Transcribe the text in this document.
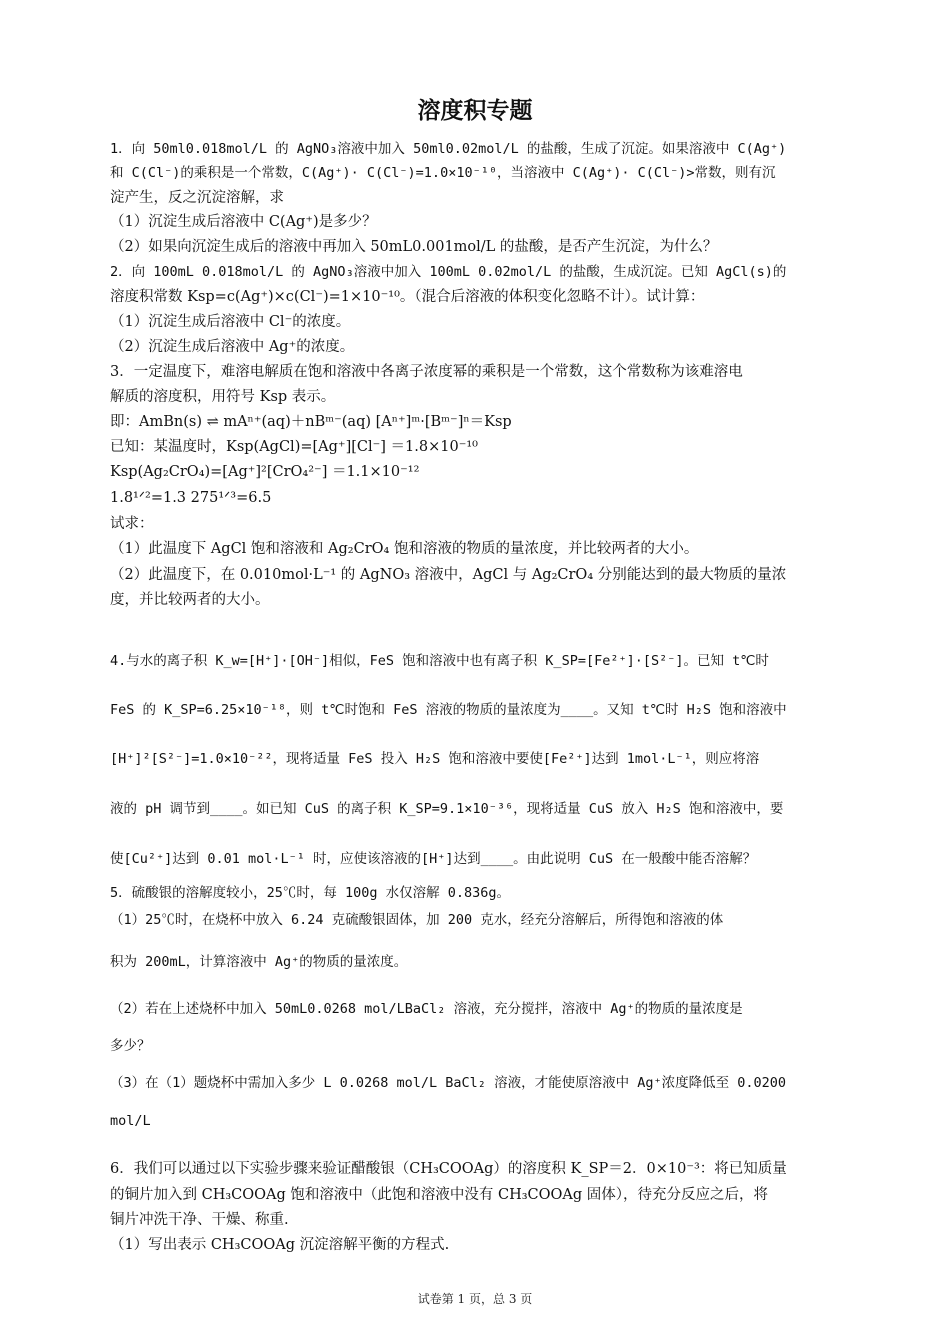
溶度积专题
1．向 50ml0.018mol/L 的 AgNO₃溶液中加入 50ml0.02mol/L 的盐酸，生成了沉淀。如果溶液中 C(Ag⁺)
和 C(Cl⁻)的乘积是一个常数，C(Ag⁺)· C(Cl⁻)=1.0×10⁻¹⁰，当溶液中 C(Ag⁺)· C(Cl⁻)>常数，则有沉
淀产生，反之沉淀溶解，求
（1）沉淀生成后溶液中 C(Ag⁺)是多少？
（2）如果向沉淀生成后的溶液中再加入 50mL0.001mol/L 的盐酸，是否产生沉淀，为什么？
2．向 100mL 0.018mol/L 的 AgNO₃溶液中加入 100mL 0.02mol/L 的盐酸，生成沉淀。已知 AgCl(s)的
溶度积常数 Ksp=c(Ag⁺)×c(Cl⁻)=1×10⁻¹⁰。（混合后溶液的体积变化忽略不计）。试计算：
（1）沉淀生成后溶液中 Cl⁻的浓度。
（2）沉淀生成后溶液中 Ag⁺的浓度。
3．一定温度下，难溶电解质在饱和溶液中各离子浓度幂的乘积是一个常数，这个常数称为该难溶电
解质的溶度积，用符号 Ksp 表示。
即：AmBn(s) ⇌ mAⁿ⁺(aq)＋nBᵐ⁻(aq) [Aⁿ⁺]ᵐ·[Bᵐ⁻]ⁿ＝Ksp
已知：某温度时，Ksp(AgCl)=[Ag⁺][Cl⁻] ＝1.8×10⁻¹⁰
Ksp(Ag₂CrO₄)=[Ag⁺]²[CrO₄²⁻] ＝1.1×10⁻¹²
1.8¹ᐟ²=1.3 275¹ᐟ³=6.5
试求：
（1）此温度下 AgCl 饱和溶液和 Ag₂CrO₄ 饱和溶液的物质的量浓度，并比较两者的大小。
（2）此温度下，在 0.010mol·L⁻¹ 的 AgNO₃ 溶液中，AgCl 与 Ag₂CrO₄ 分别能达到的最大物质的量浓
度，并比较两者的大小。
4.与水的离子积 K_w=[H⁺]·[OH⁻]相似，FeS 饱和溶液中也有离子积 K_SP=[Fe²⁺]·[S²⁻]。已知 t℃时
FeS 的 K_SP=6.25×10⁻¹⁸，则 t℃时饱和 FeS 溶液的物质的量浓度为____。又知 t℃时 H₂S 饱和溶液中
[H⁺]²[S²⁻]=1.0×10⁻²²，现将适量 FeS 投入 H₂S 饱和溶液中要使[Fe²⁺]达到 1mol·L⁻¹，则应将溶
液的 pH 调节到____。如已知 CuS 的离子积 K_SP=9.1×10⁻³⁶，现将适量 CuS 放入 H₂S 饱和溶液中，要
使[Cu²⁺]达到 0.01 mol·L⁻¹ 时，应使该溶液的[H⁺]达到____。由此说明 CuS 在一般酸中能否溶解？
5．硫酸银的溶解度较小，25℃时，每 100g 水仅溶解 0.836g。
（1）25℃时，在烧杯中放入 6.24 克硫酸银固体，加 200 克水，经充分溶解后，所得饱和溶液的体
积为 200mL，计算溶液中 Ag⁺的物质的量浓度。
（2）若在上述烧杯中加入 50mL0.0268 mol/LBaCl₂ 溶液，充分搅拌，溶液中 Ag⁺的物质的量浓度是
多少？
（3）在（1）题烧杯中需加入多少 L 0.0268 mol/L BaCl₂ 溶液，才能使原溶液中 Ag⁺浓度降低至 0.0200
mol/L
6．我们可以通过以下实验步骤来验证醋酸银（CH₃COOAg）的溶度积 K_SP＝2．0×10⁻³：将已知质量
的铜片加入到 CH₃COOAg 饱和溶液中（此饱和溶液中没有 CH₃COOAg 固体），待充分反应之后，将
铜片冲洗干净、干燥、称重.
（1）写出表示 CH₃COOAg 沉淀溶解平衡的方程式.
试卷第 1 页，总 3 页
